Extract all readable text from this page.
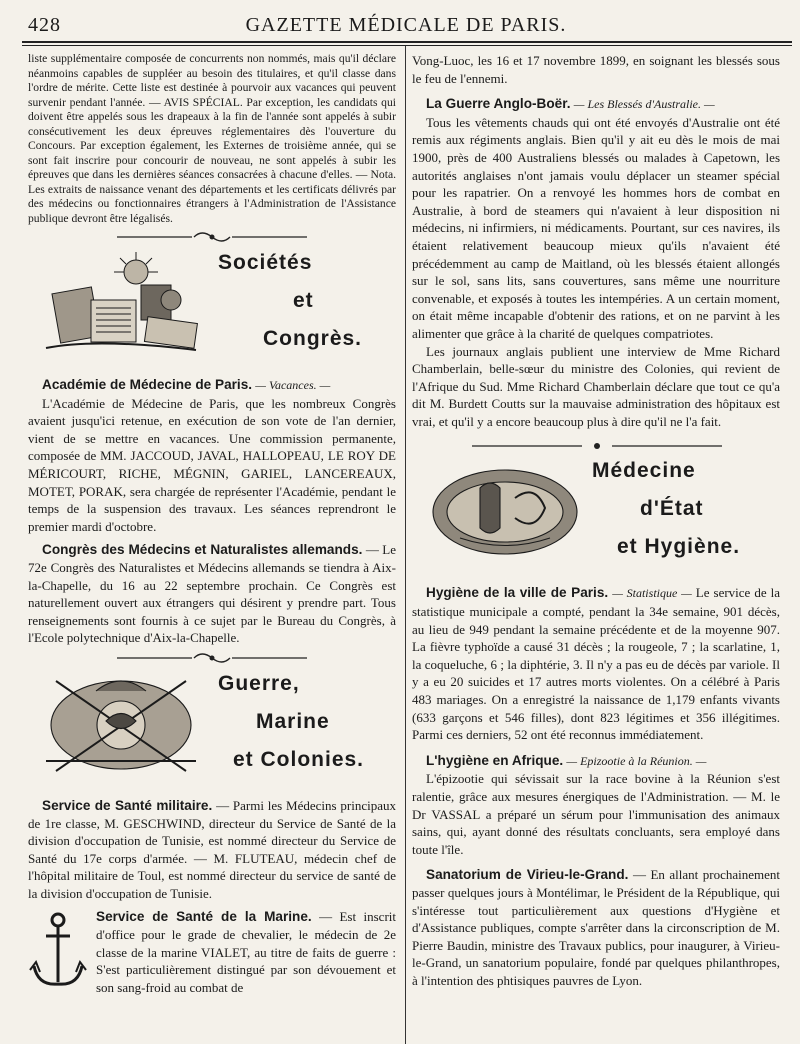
428	GAZETTE MÉDICALE DE PARIS.

liste supplémentaire composée de concurrents non nommés, mais qu'il déclare néanmoins capables de suppléer au besoin des titulaires, et qu'il classe dans l'ordre de mérite. Cette liste est destinée à pourvoir aux vacances qui peuvent survenir pendant l'année. — AVIS SPÉCIAL. Par exception, les candidats qui doivent être appelés sous les drapeaux à la fin de l'année sont appelés à subir consécutivement les deux épreuves réglementaires dès l'ouverture du Concours. Par exception également, les Externes de troisième année, qui se sont fait inscrire pour concourir de nouveau, ne sont appelés à subir les épreuves que dans les dernières séances consacrées à chacune d'elles. — Nota. Les extraits de naissance venant des départements et les certificats délivrés par des médecins ou fonctionnaires étrangers à l'Administration de l'Assistance publique devront être légalisés.

Sociétés
et
Congrès.

Académie de Médecine de Paris. — Vacances. —

L'Académie de Médecine de Paris, que les nombreux Congrès avaient jusqu'ici retenue, en exécution de son vote de l'an dernier, vient de se mettre en vacances. Une commission permanente, composée de MM. JACCOUD, JAVAL, HALLOPEAU, LE ROY DE MÉRICOURT, RICHE, MÉGNIN, GARIEL, LANCEREAUX, MOTET, PORAK, sera chargée de représenter l'Académie, pendant le temps de la suspension des travaux. Les séances reprendront le premier mardi d'octobre.

Congrès des Médecins et Naturalistes allemands. — Le 72e Congrès des Naturalistes et Médecins allemands se tiendra à Aix-la-Chapelle, du 16 au 22 septembre prochain. Ce Congrès est naturellement ouvert aux étrangers qui désirent y prendre part. Tous renseignements sont fournis à ce sujet par le Bureau du Congrès, à l'Ecole polytechnique d'Aix-la-Chapelle.

Guerre,
Marine
et Colonies.

Service de Santé militaire. — Parmi les Médecins principaux de 1re classe, M. GESCHWIND, directeur du Service de Santé de la division d'occupation de Tunisie, est nommé directeur du Service de Santé du 17e corps d'armée. — M. FLUTEAU, médecin chef de l'hôpital militaire de Toul, est nommé directeur du service de santé de la division d'occupation de Tunisie.

Service de Santé de la Marine. — Est inscrit d'office pour le grade de chevalier, le médecin de 2e classe de la marine VIALET, au titre de faits de guerre : S'est particulièrement distingué par son dévouement et son sang-froid au combat de

Vong-Luoc, les 16 et 17 novembre 1899, en soignant les blessés sous le feu de l'ennemi.

La Guerre Anglo-Boër. — Les Blessés d'Australie. —

Tous les vêtements chauds qui ont été envoyés d'Australie ont été remis aux régiments anglais. Bien qu'il y ait eu dès le mois de mai 1900, près de 400 Australiens blessés ou malades à Capetown, les autorités anglaises n'ont jamais voulu déplacer un steamer spécial pour les rapatrier. On a renvoyé les hommes hors de combat en Australie, à bord de steamers qui n'avaient à leur disposition ni médecins, ni infirmiers, ni médicaments. Pourtant, sur ces navires, ils étaient relativement beaucoup mieux qu'ils n'avaient été précédemment au camp de Maitland, où les blessés étaient allongés sur le sol, sans lits, sans couvertures, sans même une nourriture convenable, et exposés à toutes les intempéries. A un certain moment, on était même incapable d'obtenir des rations, et on ne parvint à les alimenter que grâce à la charité de quelques compatriotes.

Les journaux anglais publient une interview de Mme Richard Chamberlain, belle-sœur du ministre des Colonies, qui revient de l'Afrique du Sud. Mme Richard Chamberlain déclare que tout ce qu'a dit M. Burdett Coutts sur la mauvaise administration des hôpitaux est vrai, et qu'il y a encore beaucoup plus à dire qu'il ne l'a fait.

Médecine
d'État
et Hygiène.

Hygiène de la ville de Paris. — Statistique — Le service de la statistique municipale a compté, pendant la 34e semaine, 901 décès, au lieu de 949 pendant la semaine précédente et de la moyenne 907. La fièvre typhoïde a causé 31 décès ; la rougeole, 7 ; la scarlatine, 1, la coqueluche, 6 ; la diphtérie, 3. Il n'y a pas eu de décès par variole. Il y a eu 20 suicides et 17 autres morts violentes. On a célébré à Paris 483 mariages. On a enregistré la naissance de 1,179 enfants vivants (633 garçons et 546 filles), dont 823 légitimes et 356 illégitimes. Parmi ces derniers, 52 ont été reconnus immédiatement.

L'hygiène en Afrique. — Epizootie à la Réunion. —

L'épizootie qui sévissait sur la race bovine à la Réunion s'est ralentie, grâce aux mesures énergiques de l'Administration. — M. le Dr VASSAL a préparé un sérum pour l'immunisation des animaux sains, qui, ayant donné des résultats concluants, sera employé dans toute l'île.

Sanatorium de Virieu-le-Grand. — En allant prochainement passer quelques jours à Montélimar, le Président de la République, qui s'intéresse tout particulièrement aux questions d'Hygiène et d'Assistance publiques, compte s'arrêter dans la circonscription de M. Pierre Baudin, ministre des Travaux publics, pour inaugurer, à Virieu-le-Grand, un sanatorium populaire, fondé par quelques philanthropes, à l'intention des phtisiques pauvres de Lyon.
